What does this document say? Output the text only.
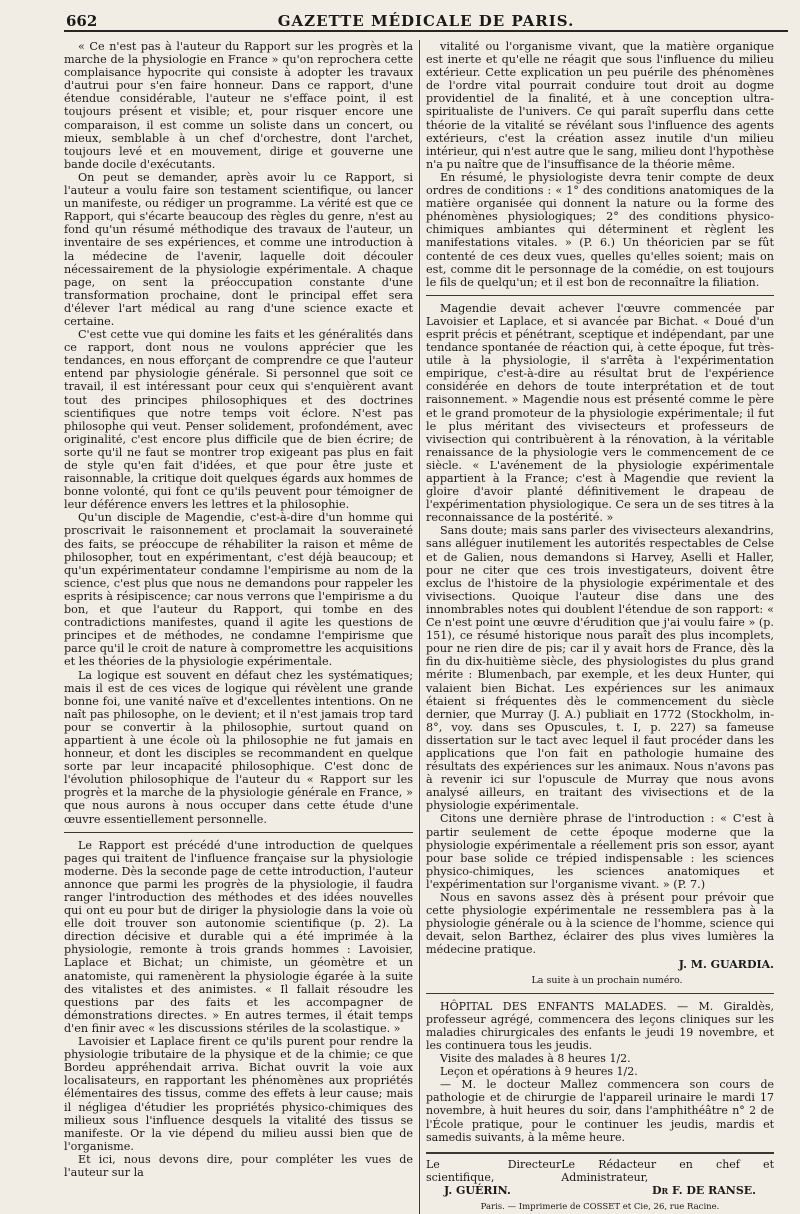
662	GAZETTE MÉDICALE DE PARIS.

« Ce n'est pas à l'auteur du Rapport sur les progrès et la marche de la physiologie en France » qu'on reprochera cette complaisance hypocrite qui consiste à adopter les travaux d'autrui pour s'en faire honneur. Dans ce rapport, d'une étendue considérable, l'auteur ne s'efface point, il est toujours présent et visible; et, pour risquer encore une comparaison, il est comme un soliste dans un concert, ou mieux, semblable à un chef d'orchestre, dont l'archet, toujours levé et en mouvement, dirige et gouverne une bande docile d'exécutants.

On peut se demander, après avoir lu ce Rapport, si l'auteur a voulu faire son testament scientifique, ou lancer un manifeste, ou rédiger un programme. La vérité est que ce Rapport, qui s'écarte beaucoup des règles du genre, n'est au fond qu'un résumé méthodique des travaux de l'auteur, un inventaire de ses expériences, et comme une introduction à la médecine de l'avenir, laquelle doit découler nécessairement de la physiologie expérimentale. A chaque page, on sent la préoccupation constante d'une transformation prochaine, dont le principal effet sera d'élever l'art médical au rang d'une science exacte et certaine.

C'est cette vue qui domine les faits et les généralités dans ce rapport, dont nous ne voulons apprécier que les tendances, en nous efforçant de comprendre ce que l'auteur entend par physiologie générale. Si personnel que soit ce travail, il est intéressant pour ceux qui s'enquièrent avant tout des principes philosophiques et des doctrines scientifiques que notre temps voit éclore. N'est pas philosophe qui veut. Penser solidement, profondément, avec originalité, c'est encore plus difficile que de bien écrire; de sorte qu'il ne faut se montrer trop exigeant pas plus en fait de style qu'en fait d'idées, et que pour être juste et raisonnable, la critique doit quelques égards aux hommes de bonne volonté, qui font ce qu'ils peuvent pour témoigner de leur déférence envers les lettres et la philosophie.

Qu'un disciple de Magendie, c'est-à-dire d'un homme qui proscrivait le raisonnement et proclamait la souveraineté des faits, se préoccupe de réhabiliter la raison et même de philosopher, tout en expérimentant, c'est déjà beaucoup; et qu'un expérimentateur condamne l'empirisme au nom de la science, c'est plus que nous ne demandons pour rappeler les esprits à résipiscence; car nous verrons que l'empirisme a du bon, et que l'auteur du Rapport, qui tombe en des contradictions manifestes, quand il agite les questions de principes et de méthodes, ne condamne l'empirisme que parce qu'il le croit de nature à compromettre les acquisitions et les théories de la physiologie expérimentale.

La logique est souvent en défaut chez les systématiques; mais il est de ces vices de logique qui révèlent une grande bonne foi, une vanité naïve et d'excellentes intentions. On ne naît pas philosophe, on le devient; et il n'est jamais trop tard pour se convertir à la philosophie, surtout quand on appartient à une école où la philosophie ne fut jamais en honneur, et dont les disciples se recommandent en quelque sorte par leur incapacité philosophique. C'est donc de l'évolution philosophique de l'auteur du « Rapport sur les progrès et la marche de la physiologie générale en France, » que nous aurons à nous occuper dans cette étude d'une œuvre essentiellement personnelle.

Le Rapport est précédé d'une introduction de quelques pages qui traitent de l'influence française sur la physiologie moderne. Dès la seconde page de cette introduction, l'auteur annonce que parmi les progrès de la physiologie, il faudra ranger l'introduction des méthodes et des idées nouvelles qui ont eu pour but de diriger la physiologie dans la voie où elle doit trouver son autonomie scientifique (p. 2). La direction décisive et durable qui a été imprimée à la physiologie, remonte à trois grands hommes : Lavoisier, Laplace et Bichat; un chimiste, un géomètre et un anatomiste, qui ramenèrent la physiologie égarée à la suite des vitalistes et des animistes. « Il fallait résoudre les questions par des faits et les accompagner de démonstrations directes. » En autres termes, il était temps d'en finir avec « les discussions stériles de la scolastique. »

Lavoisier et Laplace firent ce qu'ils purent pour rendre la physiologie tributaire de la physique et de la chimie; ce que Bordeu appréhendait arriva. Bichat ouvrit la voie aux localisateurs, en rapportant les phénomènes aux propriétés élémentaires des tissus, comme des effets à leur cause; mais il négligea d'étudier les propriétés physico-chimiques des milieux sous l'influence desquels la vitalité des tissus se manifeste. Or la vie dépend du milieu aussi bien que de l'organisme.

Et ici, nous devons dire, pour compléter les vues de l'auteur sur la

vitalité ou l'organisme vivant, que la matière organique est inerte et qu'elle ne réagit que sous l'influence du milieu extérieur. Cette explication un peu puérile des phénomènes de l'ordre vital pourrait conduire tout droit au dogme providentiel de la finalité, et à une conception ultra-spiritualiste de l'univers. Ce qui paraît superflu dans cette théorie de la vitalité se révélant sous l'influence des agents extérieurs, c'est la création assez inutile d'un milieu intérieur, qui n'est autre que le sang, milieu dont l'hypothèse n'a pu naître que de l'insuffisance de la théorie même.

En résumé, le physiologiste devra tenir compte de deux ordres de conditions : « 1° des conditions anatomiques de la matière organisée qui donnent la nature ou la forme des phénomènes physiologiques; 2° des conditions physico-chimiques ambiantes qui déterminent et règlent les manifestations vitales. » (P. 6.) Un théoricien par se fût contenté de ces deux vues, quelles qu'elles soient; mais on est, comme dit le personnage de la comédie, on est toujours le fils de quelqu'un; et il est bon de reconnaître la filiation.

Magendie devait achever l'œuvre commencée par Lavoisier et Laplace, et si avancée par Bichat. « Doué d'un esprit précis et pénétrant, sceptique et indépendant, par une tendance spontanée de réaction qui, à cette époque, fut très-utile à la physiologie, il s'arrêta à l'expérimentation empirique, c'est-à-dire au résultat brut de l'expérience considérée en dehors de toute interprétation et de tout raisonnement. » Magendie nous est présenté comme le père et le grand promoteur de la physiologie expérimentale; il fut le plus méritant des vivisecteurs et professeurs de vivisection qui contribuèrent à la rénovation, à la véritable renaissance de la physiologie vers le commencement de ce siècle. « L'avénement de la physiologie expérimentale appartient à la France; c'est à Magendie que revient la gloire d'avoir planté définitivement le drapeau de l'expérimentation physiologique. Ce sera un de ses titres à la reconnaissance de la postérité. »

Sans doute; mais sans parler des vivisecteurs alexandrins, sans alléguer inutilement les autorités respectables de Celse et de Galien, nous demandons si Harvey, Aselli et Haller, pour ne citer que ces trois investigateurs, doivent être exclus de l'histoire de la physiologie expérimentale et des vivisections. Quoique l'auteur dise dans une des innombrables notes qui doublent l'étendue de son rapport: « Ce n'est point une œuvre d'érudition que j'ai voulu faire » (p. 151), ce résumé historique nous paraît des plus incomplets, pour ne rien dire de pis; car il y avait hors de France, dès la fin du dix-huitième siècle, des physiologistes du plus grand mérite : Blumenbach, par exemple, et les deux Hunter, qui valaient bien Bichat. Les expériences sur les animaux étaient si fréquentes dès le commencement du siècle dernier, que Murray (J. A.) publiait en 1772 (Stockholm, in-8°, voy. dans ses Opuscules, t. I, p. 227) sa fameuse dissertation sur le tact avec lequel il faut procéder dans les applications que l'on fait en pathologie humaine des résultats des expériences sur les animaux. Nous n'avons pas à revenir ici sur l'opuscule de Murray que nous avons analysé ailleurs, en traitant des vivisections et de la physiologie expérimentale.

Citons une dernière phrase de l'introduction : « C'est à partir seulement de cette époque moderne que la physiologie expérimentale a réellement pris son essor, ayant pour base solide ce trépied indispensable : les sciences physico-chimiques, les sciences anatomiques et l'expérimentation sur l'organisme vivant. » (P. 7.)

Nous en savons assez dès à présent pour prévoir que cette physiologie expérimentale ne ressemblera pas à la physiologie générale ou à la science de l'homme, science qui devait, selon Barthez, éclairer des plus vives lumières la médecine pratique.

J. M. GUARDIA.

La suite à un prochain numéro.

HÔPITAL DES ENFANTS MALADES. — M. Giraldès, professeur agrégé, commencera des leçons cliniques sur les maladies chirurgicales des enfants le jeudi 19 novembre, et les continuera tous les jeudis.

Visite des malades à 8 heures 1/2.

Leçon et opérations à 9 heures 1/2.

— M. le docteur Mallez commencera son cours de pathologie et de chirurgie de l'appareil urinaire le mardi 17 novembre, à huit heures du soir, dans l'amphithéâtre n° 2 de l'École pratique, pour le continuer les jeudis, mardis et samedis suivants, à la même heure.

Le Directeur scientifique,
Le Rédacteur en chef et Administrateur,
J. GUÉRIN.	Dr F. DE RANSE.
Paris. — Imprimerie de COSSET et Cie, 26, rue Racine.
